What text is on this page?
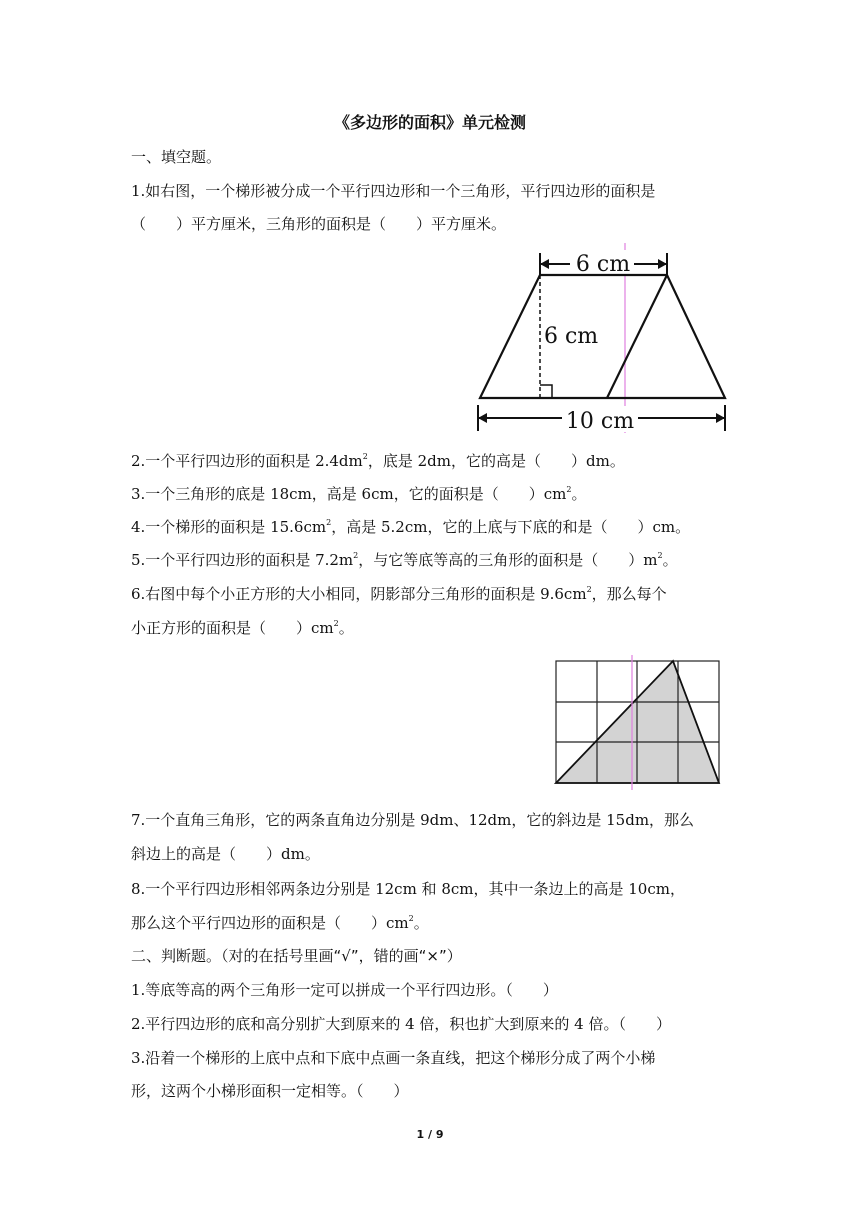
《多边形的面积》单元检测
一、填空题。
1.如右图，一个梯形被分成一个平行四边形和一个三角形，平行四边形的面积是
（　　）平方厘米，三角形的面积是（　　）平方厘米。
6 cm
6 cm
10 cm
2.一个平行四边形的面积是 $2.4dm^2$，底是 2dm，它的高是（　　）dm。
3.一个三角形的底是 18cm，高是 6cm，它的面积是（　　）$cm^2$。
4.一个梯形的面积是 $15.6cm^2$，高是 5.2cm，它的上底与下底的和是（　　）cm。
5.一个平行四边形的面积是 $7.2m^2$，与它等底等高的三角形的面积是（　　）$m^2$。
6.右图中每个小正方形的大小相同，阴影部分三角形的面积是 $9.6cm^2$，那么每个
小正方形的面积是（　　）$cm^2$。
7.一个直角三角形，它的两条直角边分别是 9dm、12dm，它的斜边是 15dm，那么
斜边上的高是（　　）dm。
8.一个平行四边形相邻两条边分别是 12cm 和 8cm，其中一条边上的高是 10cm，
那么这个平行四边形的面积是（　　）$cm^2$。
二、判断题。（对的在括号里画“√”，错的画“×”）
1.等底等高的两个三角形一定可以拼成一个平行四边形。（　　）
2.平行四边形的底和高分别扩大到原来的 4 倍，积也扩大到原来的 4 倍。（　　）
3.沿着一个梯形的上底中点和下底中点画一条直线，把这个梯形分成了两个小梯
形，这两个小梯形面积一定相等。（　　）
1 / 9
